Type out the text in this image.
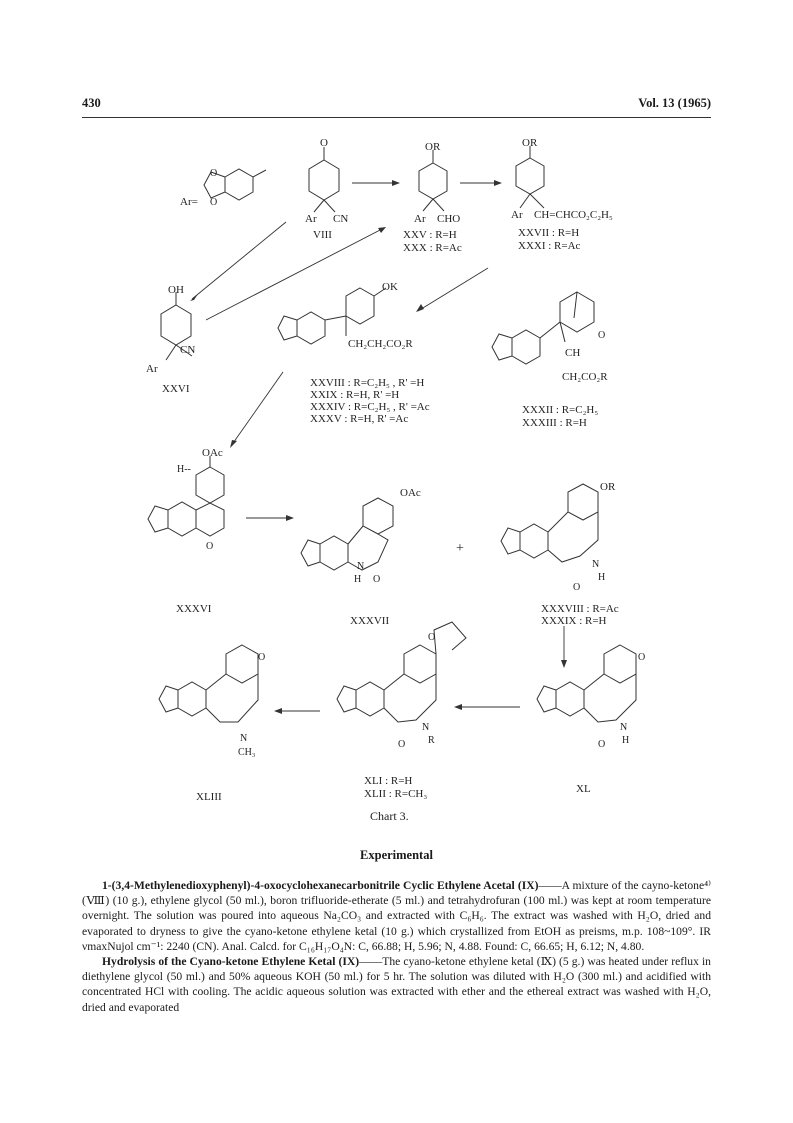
430	Vol. 13 (1965)
Ar=
O
O
O
Ar CN
VIII
OR
Ar CHO
XXV : R=H
XXX : R=Ac
OR
Ar CH=CHCO₂C₂H₅
XXVII : R=H
XXXI : R=Ac
OH
Ar
CN
XXVI
OK
CH₂CH₂CO₂R
XXVIII : R=C₂H₅ , R' =H
XXIX : R=H, R' =H
XXXIV : R=C₂H₅ , R' =Ac
XXXV : R=H, R' =Ac
O
CH
CH₂CO₂R
XXXII : R=C₂H₅
XXXIII : R=H
OAc
H--
O
XXXVI
OAc
N
H O
XXXVII
+
OR
N
H
O
XXXVIII : R=Ac
XXXIX : R=H
O
N
CH₃
XLIII
O
N
R
O
XLI : R=H
XLII : R=CH₃
O
N
H
O
XL
Chart 3.
Experimental

1-(3,4-Methylenedioxyphenyl)-4-oxocyclohexanecarbonitrile Cyclic Ethylene Acetal (IX)——A mixture of the cayno-ketone⁴⁾ (Ⅷ) (10 g.), ethylene glycol (50 ml.), boron trifluoride-etherate (5 ml.) and tetrahydrofuran (100 ml.) was kept at room temperature overnight. The solution was poured into aqueous Na₂CO₃ and extracted with C₆H₆. The extract was washed with H₂O, dried and evaporated to dryness to give the cyano-ketone ethylene ketal (10 g.) which crystallized from EtOH as preisms, m.p. 108~109°. IR νmaxNujol cm⁻¹: 2240 (CN). Anal. Calcd. for C₁₆H₁₇O₄N: C, 66.88; H, 5.96; N, 4.88. Found: C, 66.65; H, 6.12; N, 4.80.

Hydrolysis of the Cyano-ketone Ethylene Ketal (IX)——The cyano-ketone ethylene ketal (Ⅸ) (5 g.) was heated under reflux in diethylene glycol (50 ml.) and 50% aqueous KOH (50 ml.) for 5 hr. The solution was diluted with H₂O (300 ml.) and acidified with concentrated HCl with cooling. The acidic aqueous solution was extracted with ether and the ethereal extract was washed with H₂O, dried and evaporated
